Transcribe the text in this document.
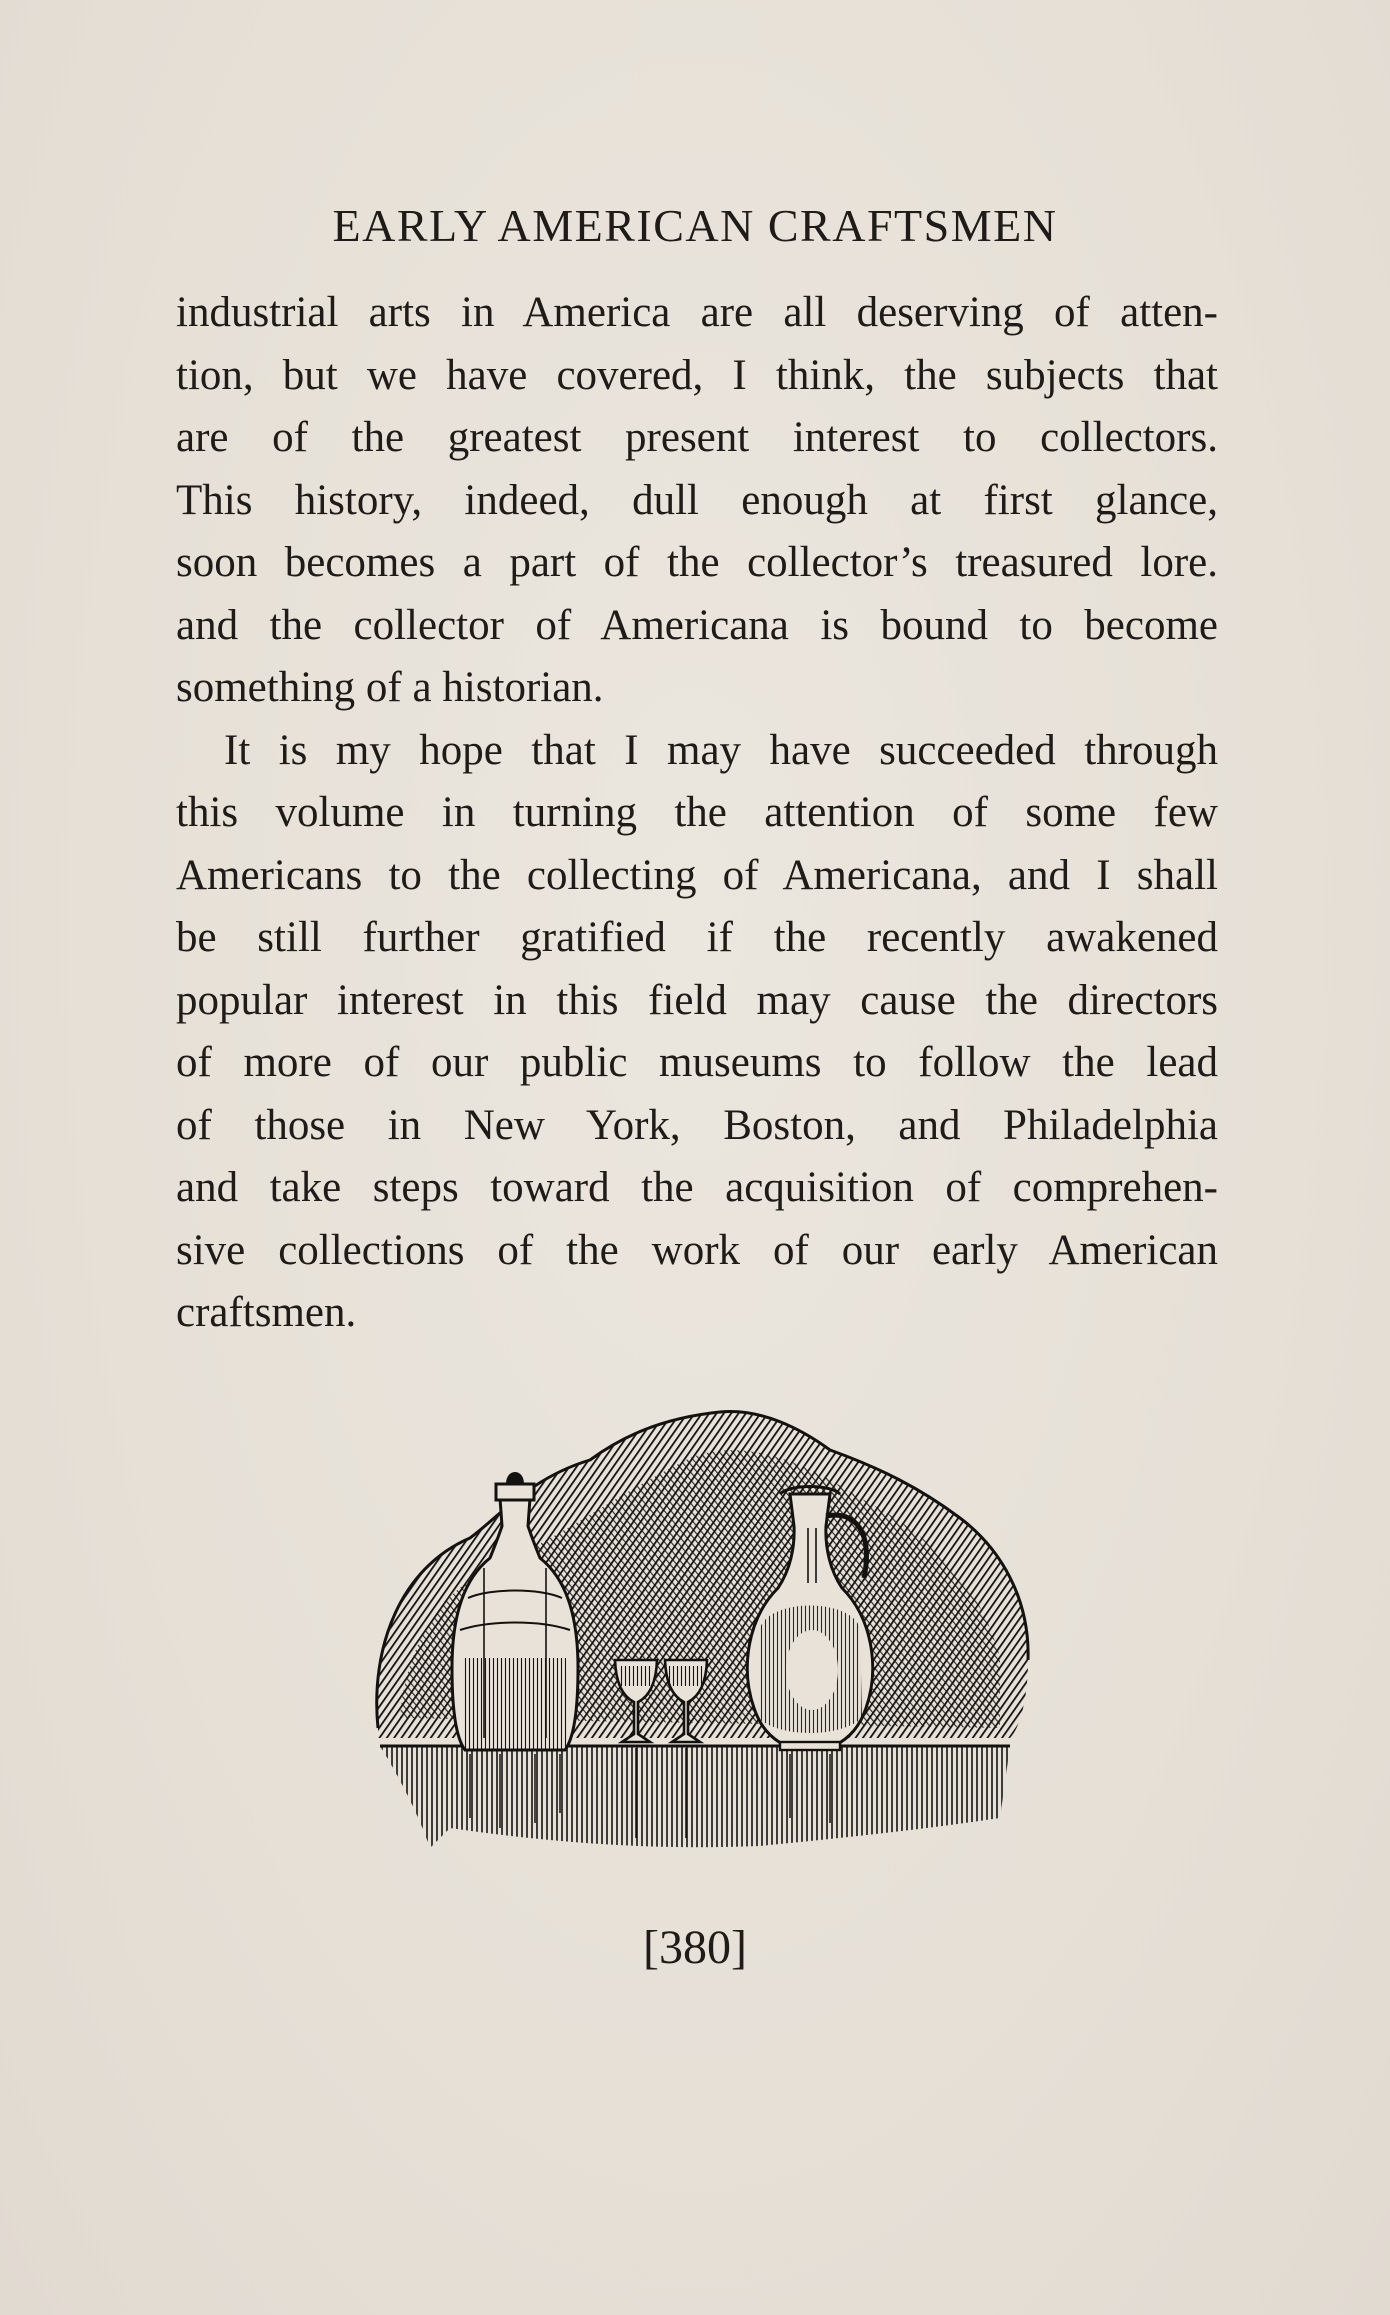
EARLY AMERICAN CRAFTSMEN

industrial arts in America are all deserving of atten-
tion, but we have covered, I think, the subjects that
are of the greatest present interest to collectors.
This history, indeed, dull enough at first glance,
soon becomes a part of the collector’s treasured lore.
and the collector of Americana is bound to become
something of a historian.

It is my hope that I may have succeeded through
this volume in turning the attention of some few
Americans to the collecting of Americana, and I shall
be still further gratified if the recently awakened
popular interest in this field may cause the directors
of more of our public museums to follow the lead
of those in New York, Boston, and Philadelphia
and take steps toward the acquisition of comprehen-
sive collections of the work of our early American
craftsmen.

[380]
